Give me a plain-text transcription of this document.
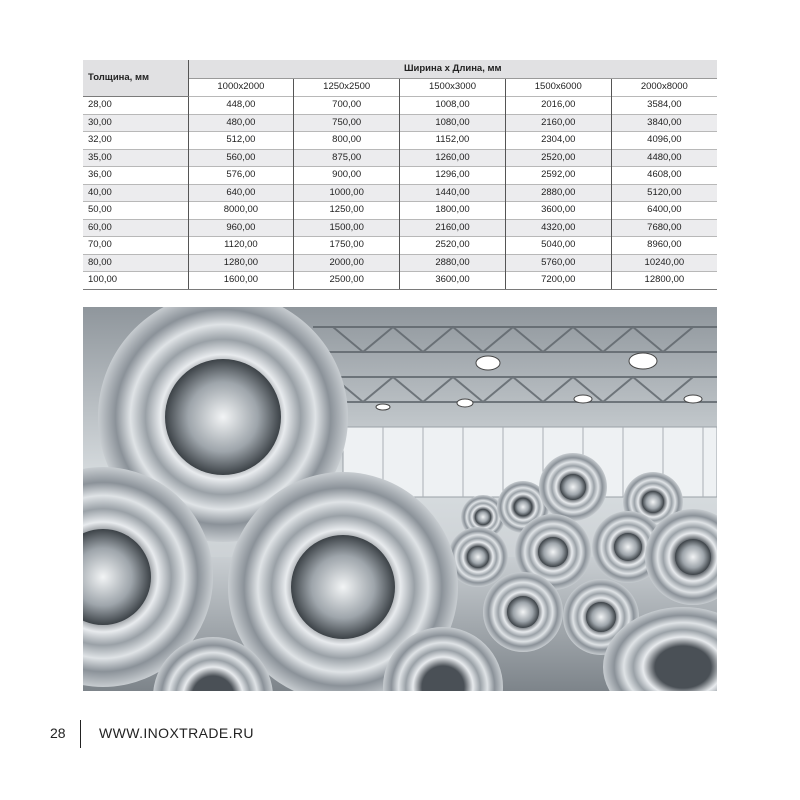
Толщина, мм	Ширина x Длина, мм				
	1000x2000	1250x2500	1500x3000	1500x6000	2000x8000
28,00	448,00	700,00	1008,00	2016,00	3584,00
30,00	480,00	750,00	1080,00	2160,00	3840,00
32,00	512,00	800,00	1152,00	2304,00	4096,00
35,00	560,00	875,00	1260,00	2520,00	4480,00
36,00	576,00	900,00	1296,00	2592,00	4608,00
40,00	640,00	1000,00	1440,00	2880,00	5120,00
50,00	8000,00	1250,00	1800,00	3600,00	6400,00
60,00	960,00	1500,00	2160,00	4320,00	7680,00
70,00	1120,00	1750,00	2520,00	5040,00	8960,00
80,00	1280,00	2000,00	2880,00	5760,00	10240,00
100,00	1600,00	2500,00	3600,00	7200,00	12800,00
28 WWW.INOXTRADE.RU
